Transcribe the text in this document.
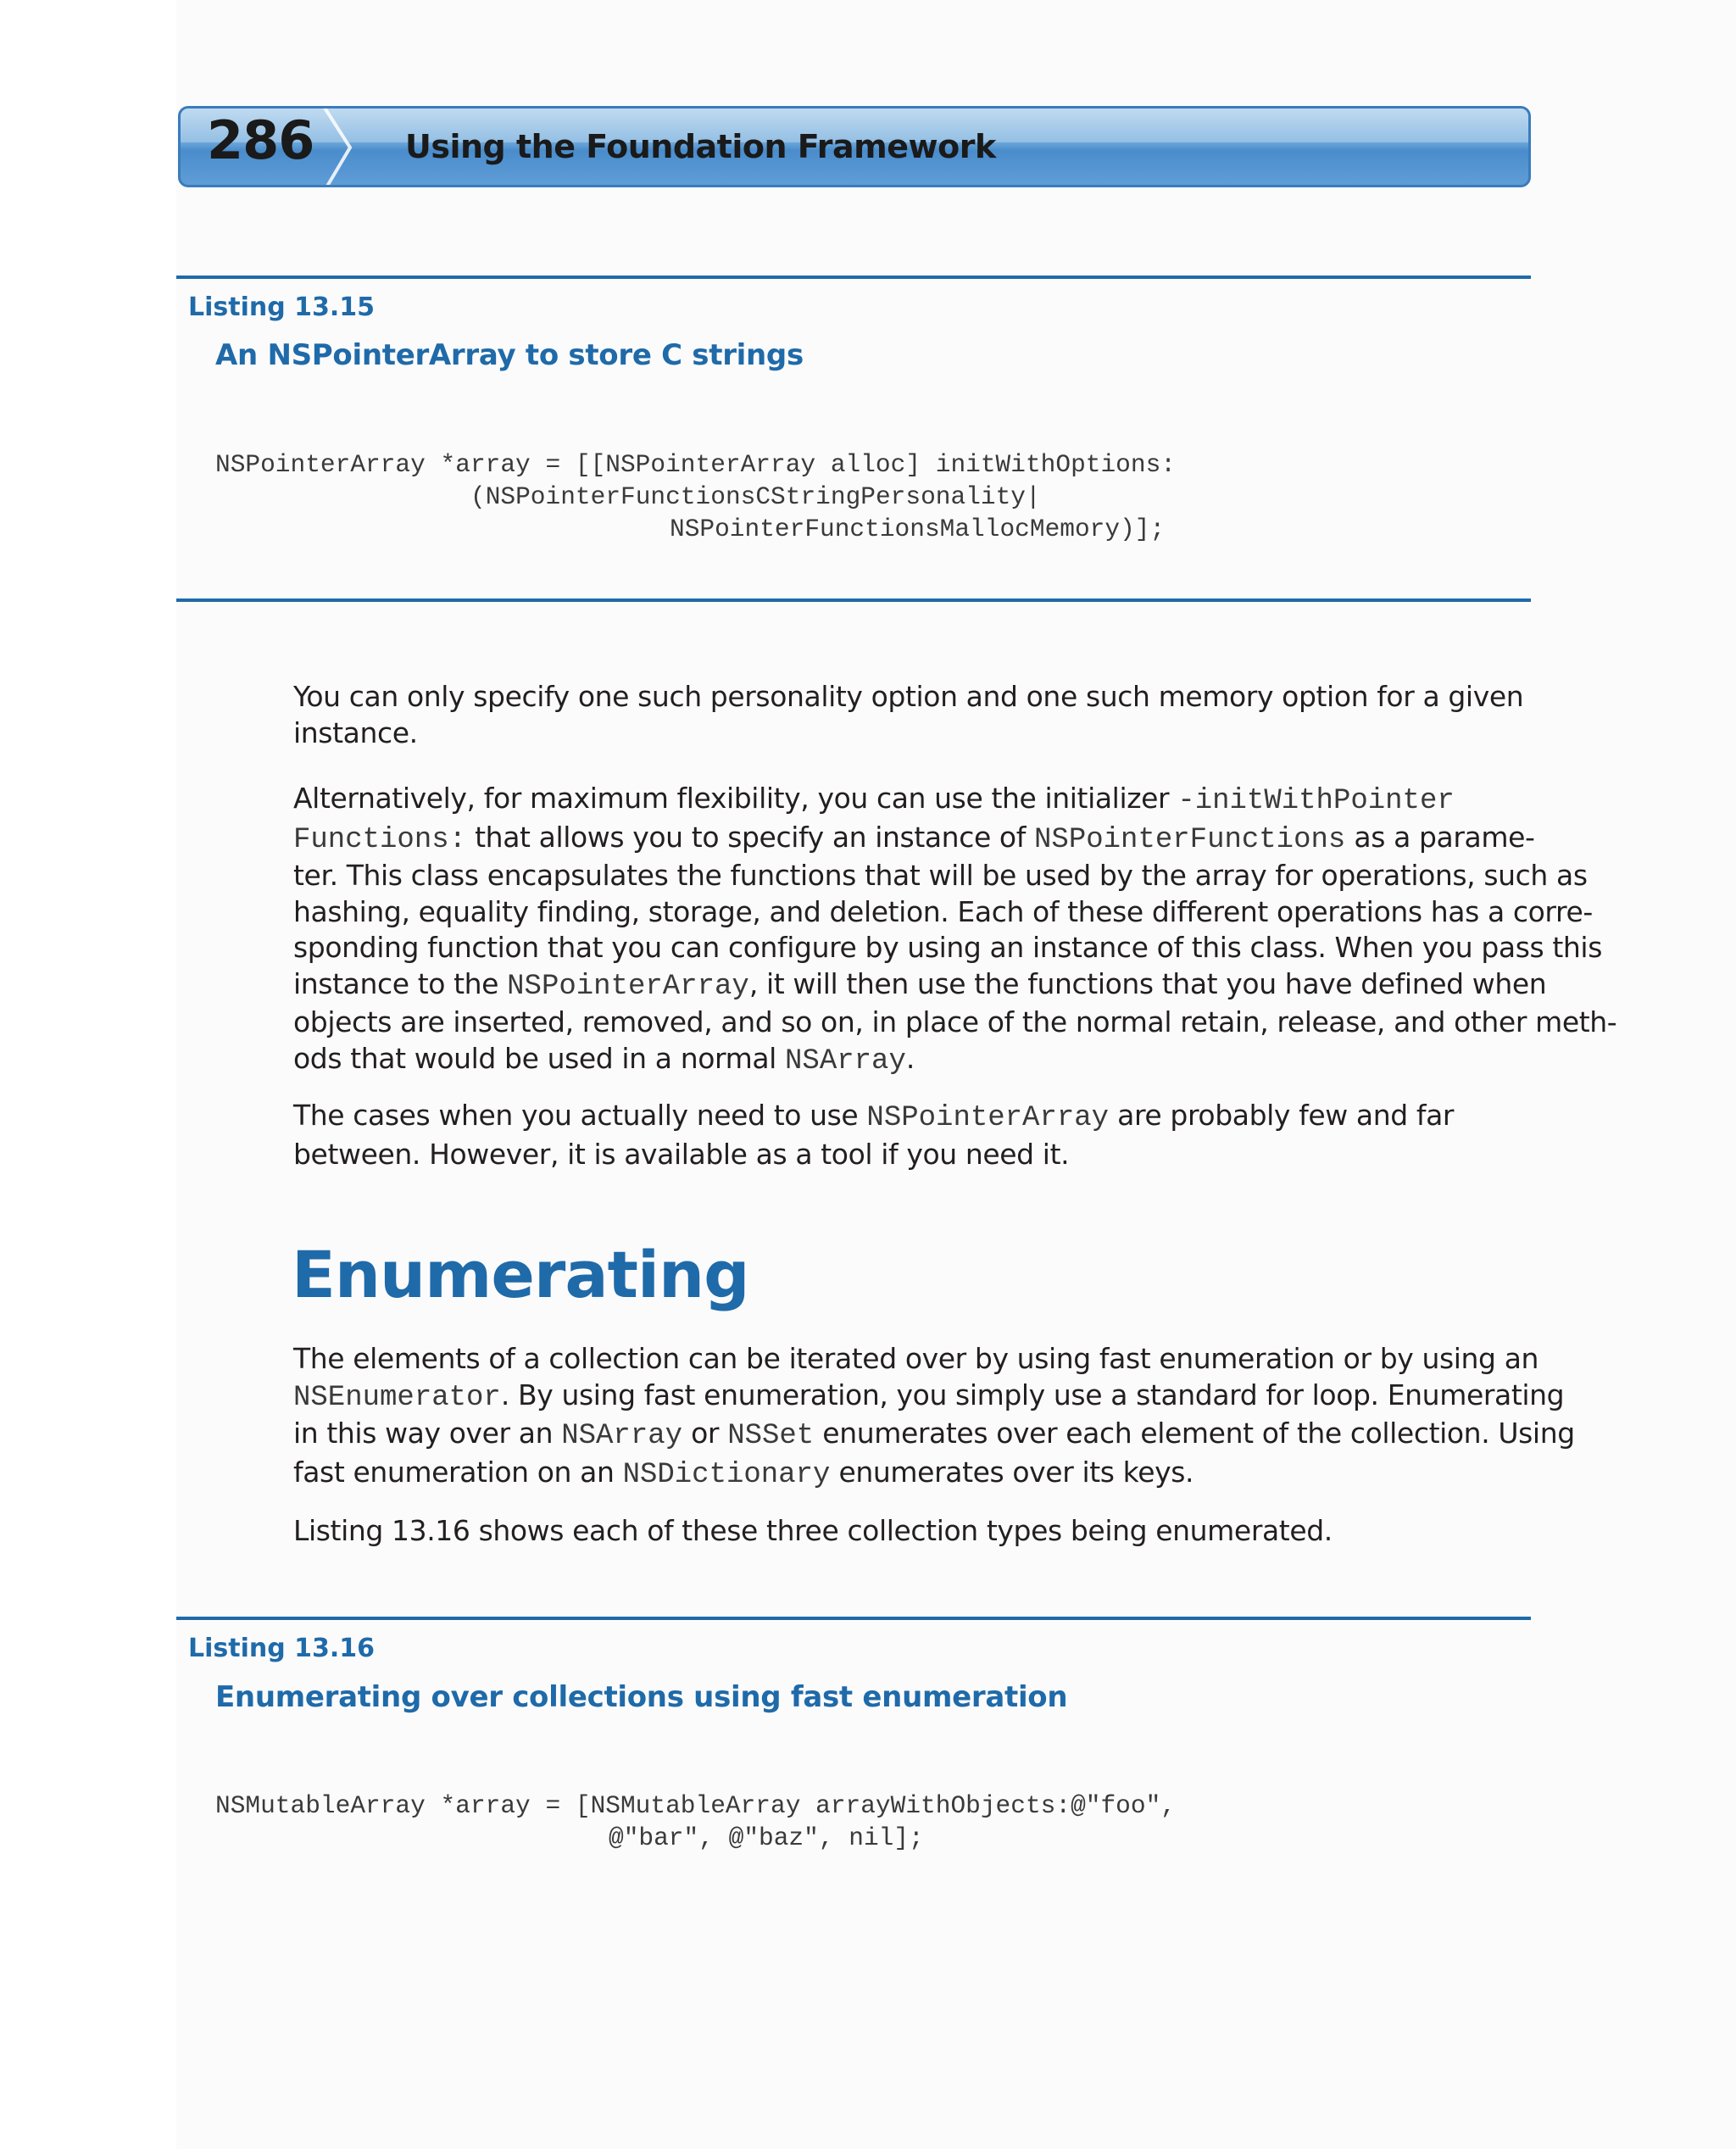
286	Using the Foundation Framework
Listing 13.15
An NSPointerArray to store C strings
NSPointerArray *array = [[NSPointerArray alloc] initWithOptions:
(NSPointerFunctionsCStringPersonality|
NSPointerFunctionsMallocMemory)];
You can only specify one such personality option and one such memory option for a given
instance.
Alternatively, for maximum flexibility, you can use the initializer -initWithPointer
Functions: that allows you to specify an instance of NSPointerFunctions as a parame-
ter. This class encapsulates the functions that will be used by the array for operations, such as
hashing, equality finding, storage, and deletion. Each of these different operations has a corre-
sponding function that you can configure by using an instance of this class. When you pass this
instance to the NSPointerArray, it will then use the functions that you have defined when
objects are inserted, removed, and so on, in place of the normal retain, release, and other meth-
ods that would be used in a normal NSArray.
The cases when you actually need to use NSPointerArray are probably few and far
between. However, it is available as a tool if you need it.
Enumerating
The elements of a collection can be iterated over by using fast enumeration or by using an
NSEnumerator. By using fast enumeration, you simply use a standard for loop. Enumerating
in this way over an NSArray or NSSet enumerates over each element of the collection. Using
fast enumeration on an NSDictionary enumerates over its keys.
Listing 13.16 shows each of these three collection types being enumerated.
Listing 13.16
Enumerating over collections using fast enumeration
NSMutableArray *array = [NSMutableArray arrayWithObjects:@"foo",
@"bar", @"baz", nil];
